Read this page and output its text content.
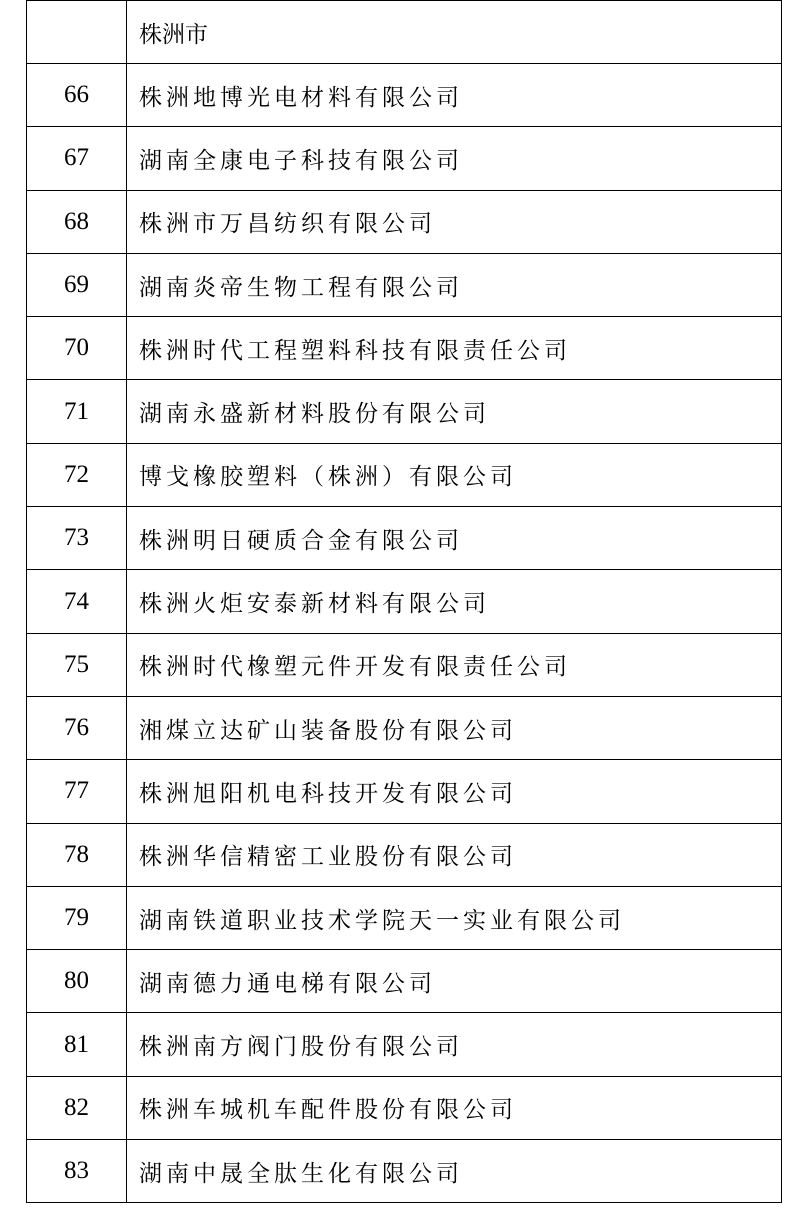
	株洲市
66	株洲地博光电材料有限公司
67	湖南全康电子科技有限公司
68	株洲市万昌纺织有限公司
69	湖南炎帝生物工程有限公司
70	株洲时代工程塑料科技有限责任公司
71	湖南永盛新材料股份有限公司
72	博戈橡胶塑料（株洲）有限公司
73	株洲明日硬质合金有限公司
74	株洲火炬安泰新材料有限公司
75	株洲时代橡塑元件开发有限责任公司
76	湘煤立达矿山装备股份有限公司
77	株洲旭阳机电科技开发有限公司
78	株洲华信精密工业股份有限公司
79	湖南铁道职业技术学院天一实业有限公司
80	湖南德力通电梯有限公司
81	株洲南方阀门股份有限公司
82	株洲车城机车配件股份有限公司
83	湖南中晟全肽生化有限公司
